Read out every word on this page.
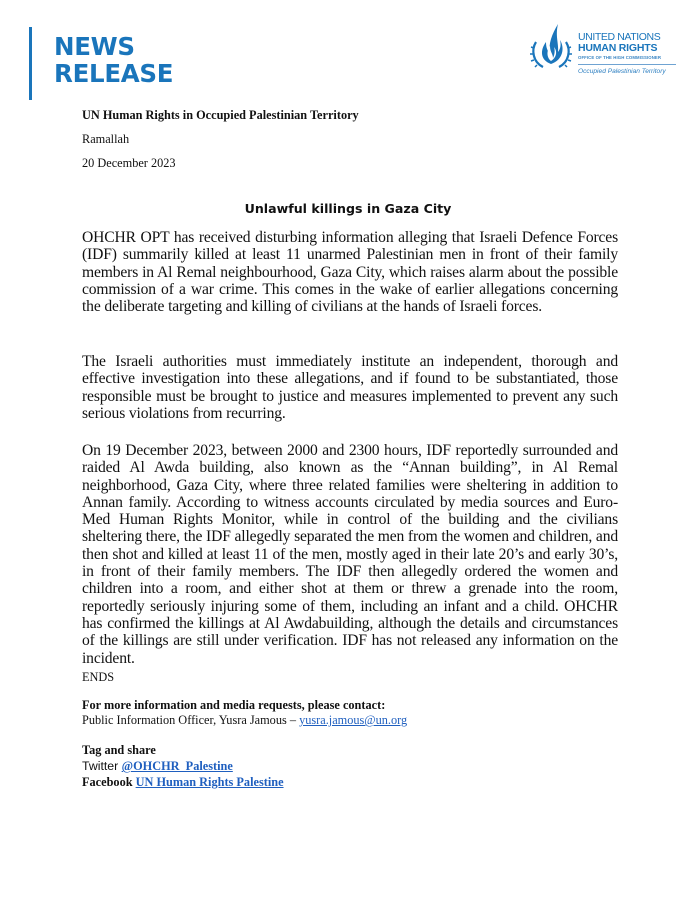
NEWS
RELEASE
UNITED NATIONS
HUMAN RIGHTS
OFFICE OF THE HIGH COMMISSIONER
Occupied Palestinian Territory
UN Human Rights in Occupied Palestinian Territory
Ramallah
20 December 2023
Unlawful killings in Gaza City
OHCHR OPT has received disturbing information alleging that Israeli Defence Forces (IDF) summarily killed at least 11 unarmed Palestinian men in front of their family members in Al Remal neighbourhood, Gaza City, which raises alarm about the possible commission of a war crime. This comes in the wake of earlier allegations concerning the deliberate targeting and killing of civilians at the hands of Israeli forces.
The Israeli authorities must immediately institute an independent, thorough and effective investigation into these allegations, and if found to be substantiated, those responsible must be brought to justice and measures implemented to prevent any such serious violations from recurring.
On 19 December 2023, between 2000 and 2300 hours, IDF reportedly surrounded and raided Al Awda building, also known as the “Annan building”, in Al Remal neighborhood, Gaza City, where three related families were sheltering in addition to Annan family. According to witness accounts circulated by media sources and Euro-Med Human Rights Monitor, while in control of the building and the civilians sheltering there, the IDF allegedly separated the men from the women and children, and then shot and killed at least 11 of the men, mostly aged in their late 20’s and early 30’s, in front of their family members. The IDF then allegedly ordered the women and children into a room, and either shot at them or threw a grenade into the room, reportedly seriously injuring some of them, including an infant and a child. OHCHR has confirmed the killings at Al Awdabuilding, although the details and circumstances of the killings are still under verification. IDF has not released any information on the incident.
ENDS
For more information and media requests, please contact:
Public Information Officer, Yusra Jamous – yusra.jamous@un.org
Tag and share
Twitter @OHCHR_Palestine
Facebook UN Human Rights Palestine
